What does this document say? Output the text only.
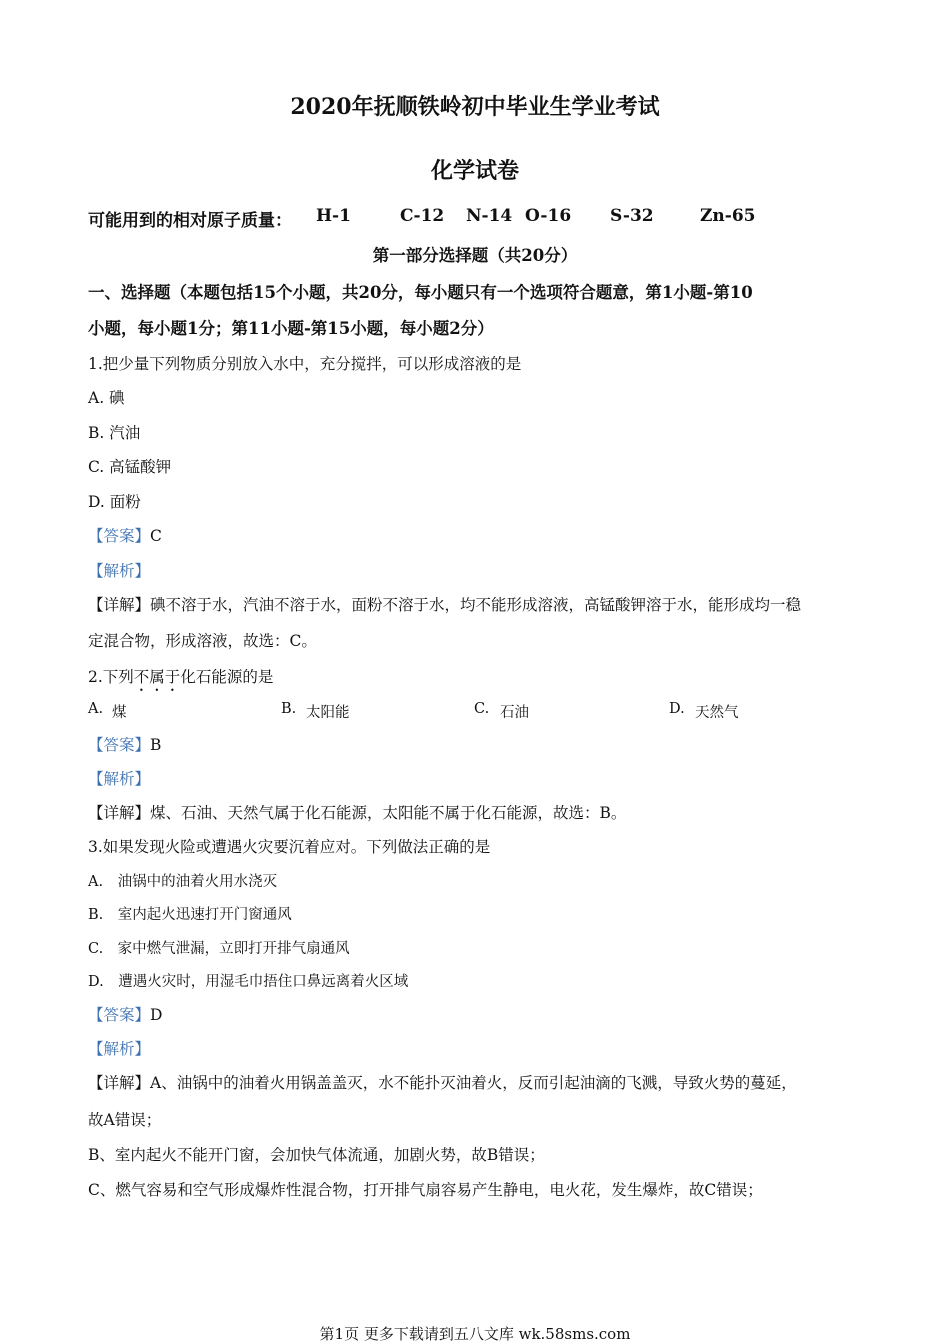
2020年抚顺铁岭初中毕业生学业考试
化学试卷
可能用到的相对原子质量： H-1	C-12 N-14 O-16 S-32	Zn-65
第一部分选择题（共20分）
一、选择题（本题包括15个小题，共20分，每小题只有一个选项符合题意，第1小题-第10
小题，每小题1分；第11小题-第15小题，每小题2分）
1.把少量下列物质分别放入水中，充分搅拌，可以形成溶液的是
A. 碘
B. 汽油
C. 高锰酸钾
D. 面粉
【答案】C
【解析】
【详解】碘不溶于水，汽油不溶于水，面粉不溶于水，均不能形成溶液，高锰酸钾溶于水，能形成均一稳
定混合物，形成溶液，故选：C。
2.下列不属于化石能源的是
A. 煤	B. 太阳能	C. 石油	D. 天然气
【答案】B
【解析】
【详解】煤、石油、天然气属于化石能源，太阳能不属于化石能源，故选：B。
3.如果发现火险或遭遇火灾要沉着应对。下列做法正确的是
A.　油锅中的油着火用水浇灭
B.　室内起火迅速打开门窗通风
C.　家中燃气泄漏，立即打开排气扇通风
D.　遭遇火灾时，用湿毛巾捂住口鼻远离着火区域
【答案】D
【解析】
【详解】A、油锅中的油着火用锅盖盖灭，水不能扑灭油着火，反而引起油滴的飞溅，导致火势的蔓延，
故A错误；
B、室内起火不能开门窗，会加快气体流通，加剧火势，故B错误；
C、燃气容易和空气形成爆炸性混合物，打开排气扇容易产生静电，电火花，发生爆炸，故C错误；
第1页 更多下载请到五八文库 wk.58sms.com
